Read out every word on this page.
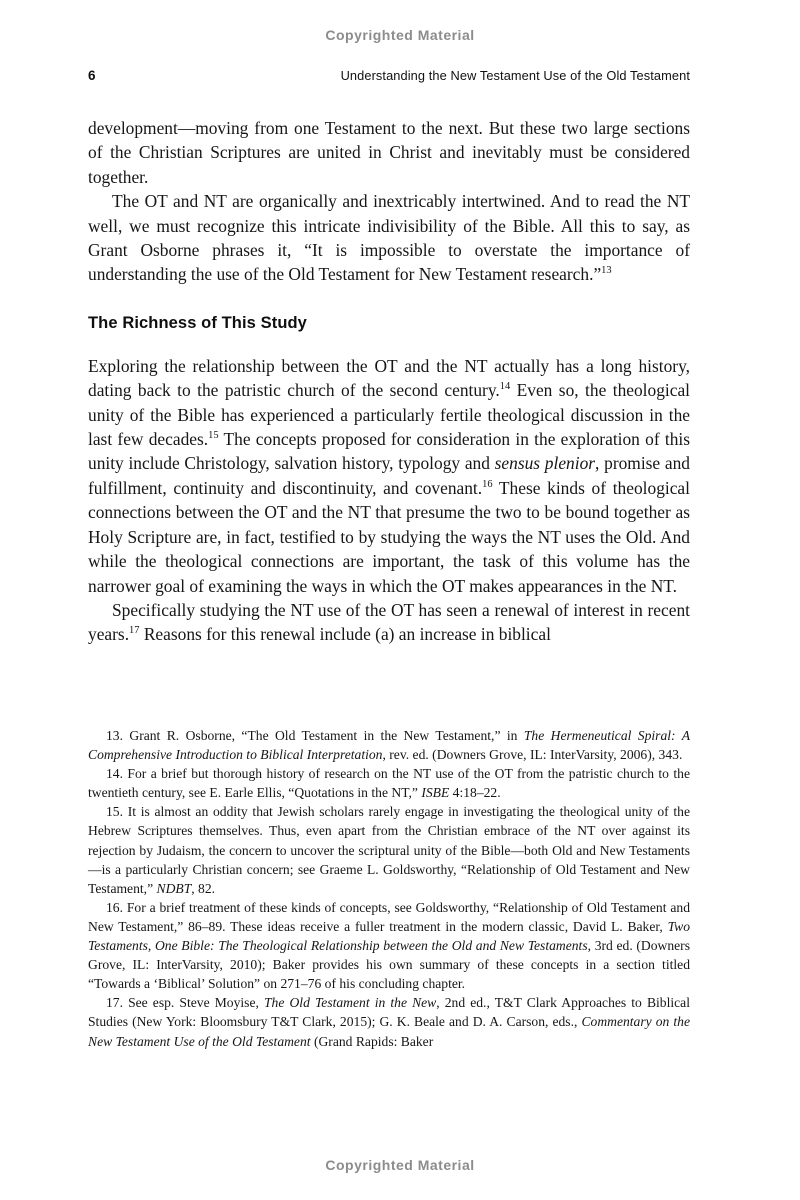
Copyrighted Material
6	Understanding the New Testament Use of the Old Testament

development—moving from one Testament to the next. But these two large sections of the Christian Scriptures are united in Christ and inevitably must be considered together.

The OT and NT are organically and inextricably intertwined. And to read the NT well, we must recognize this intricate indivisibility of the Bible. All this to say, as Grant Osborne phrases it, “It is impossible to overstate the importance of understanding the use of the Old Testament for New Testament research.”$^{13}$

The Richness of This Study

Exploring the relationship between the OT and the NT actually has a long history, dating back to the patristic church of the second century.$^{14}$ Even so, the theological unity of the Bible has experienced a particularly fertile theological discussion in the last few decades.$^{15}$ The concepts proposed for consideration in the exploration of this unity include Christology, salvation history, typology and sensus plenior, promise and fulfillment, continuity and discontinuity, and covenant.$^{16}$ These kinds of theological connections between the OT and the NT that presume the two to be bound together as Holy Scripture are, in fact, testified to by studying the ways the NT uses the Old. And while the theological connections are important, the task of this volume has the narrower goal of examining the ways in which the OT makes appearances in the NT.

Specifically studying the NT use of the OT has seen a renewal of interest in recent years.$^{17}$ Reasons for this renewal include (a) an increase in biblical

13. Grant R. Osborne, “The Old Testament in the New Testament,” in The Hermeneutical Spiral: A Comprehensive Introduction to Biblical Interpretation, rev. ed. (Downers Grove, IL: InterVarsity, 2006), 343.

14. For a brief but thorough history of research on the NT use of the OT from the patristic church to the twentieth century, see E. Earle Ellis, “Quotations in the NT,” ISBE 4:18–22.

15. It is almost an oddity that Jewish scholars rarely engage in investigating the theological unity of the Hebrew Scriptures themselves. Thus, even apart from the Christian embrace of the NT over against its rejection by Judaism, the concern to uncover the scriptural unity of the Bible—both Old and New Testaments—is a particularly Christian concern; see Graeme L. Goldsworthy, “Relationship of Old Testament and New Testament,” NDBT, 82.

16. For a brief treatment of these kinds of concepts, see Goldsworthy, “Relationship of Old Testament and New Testament,” 86–89. These ideas receive a fuller treatment in the modern classic, David L. Baker, Two Testaments, One Bible: The Theological Relationship between the Old and New Testaments, 3rd ed. (Downers Grove, IL: InterVarsity, 2010); Baker provides his own summary of these concepts in a section titled “Towards a ‘Biblical’ Solution” on 271–76 of his concluding chapter.

17. See esp. Steve Moyise, The Old Testament in the New, 2nd ed., T&T Clark Approaches to Biblical Studies (New York: Bloomsbury T&T Clark, 2015); G. K. Beale and D. A. Carson, eds., Commentary on the New Testament Use of the Old Testament (Grand Rapids: Baker

Copyrighted Material
